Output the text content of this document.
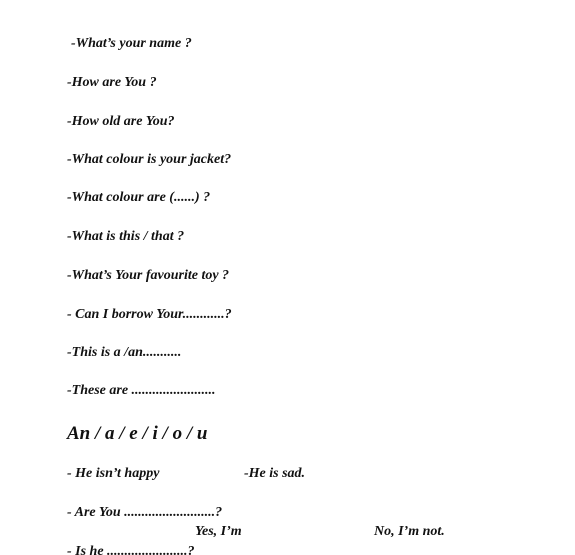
-What’s your name ?
-How are You ?
-How old are You?
-What colour is your jacket?
-What colour are (......) ?
-What is this / that ?
-What’s Your favourite toy ?
- Can I borrow Your............?
-This is a /an...........
-These are ........................
An / a / e / i / o / u
- He isn’t happy	-He is sad.
- Are You ..........................?
Yes, I’m	No, I’m not.
- Is he .......................?
